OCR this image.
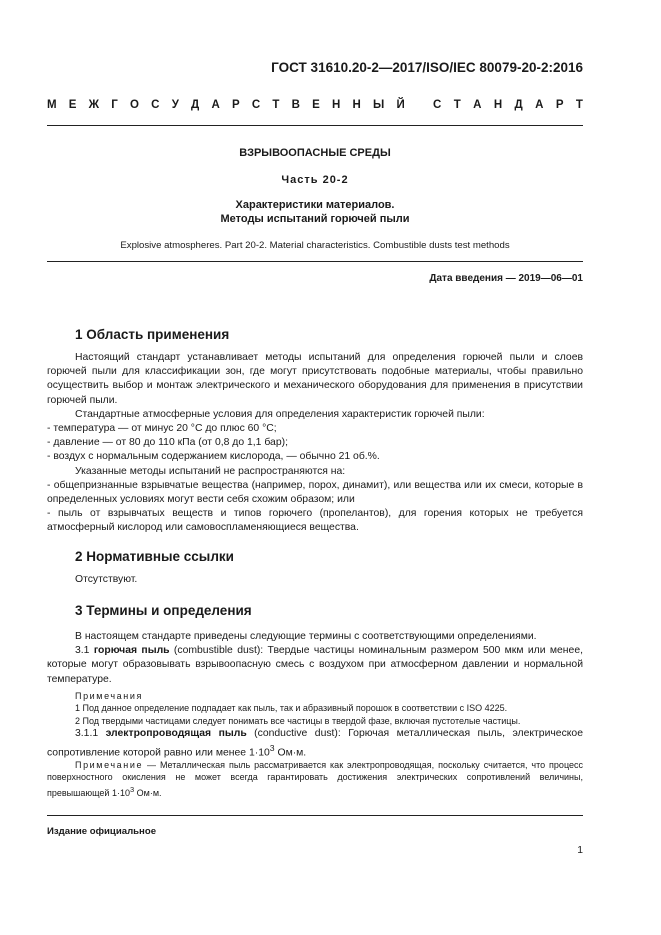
ГОСТ 31610.20-2—2017/ISO/IEC 80079-20-2:2016
М Е Ж Г О С У Д А Р С Т В Е Н Н Ы Й С Т А Н Д А Р Т
ВЗРЫВООПАСНЫЕ СРЕДЫ
Часть 20-2
Характеристики материалов.
Методы испытаний горючей пыли
Explosive atmospheres. Part 20-2. Material characteristics. Combustible dusts test methods
Дата введения — 2019—06—01
1 Область применения

Настоящий стандарт устанавливает методы испытаний для определения горючей пыли и слоев горючей пыли для классификации зон, где могут присутствовать подобные материалы, чтобы правильно осуществить выбор и монтаж электрического и механического оборудования для применения в присутствии горючей пыли.

Стандартные атмосферные условия для определения характеристик горючей пыли:

- температура — от минус 20 °С до плюс 60 °С;

- давление — от 80 до 110 кПа (от 0,8 до 1,1 бар);

- воздух с нормальным содержанием кислорода, — обычно 21 об.%.

Указанные методы испытаний не распространяются на:

- общепризнанные взрывчатые вещества (например, порох, динамит), или вещества или их смеси, которые в определенных условиях могут вести себя схожим образом; или

- пыль от взрывчатых веществ и типов горючего (пропелантов), для горения которых не требуется атмосферный кислород или самовоспламеняющиеся вещества.

2 Нормативные ссылки

Отсутствуют.

3 Термины и определения

В настоящем стандарте приведены следующие термины с соответствующими определениями.

3.1 горючая пыль (combustible dust): Твердые частицы номинальным размером 500 мкм или менее, которые могут образовывать взрывоопасную смесь с воздухом при атмосферном давлении и нормальной температуре.

Примечания

1 Под данное определение подпадает как пыль, так и абразивный порошок в соответствии с ISO 4225.

2 Под твердыми частицами следует понимать все частицы в твердой фазе, включая пустотелые частицы.

3.1.1 электропроводящая пыль (conductive dust): Горючая металлическая пыль, электрическое сопротивление которой равно или менее $1\cdot 10^3$ Ом·м.

Примечание — Металлическая пыль рассматривается как электропроводящая, поскольку считается, что процесс поверхностного окисления не может всегда гарантировать достижения электрических сопротивлений величины, превышающей $1\cdot 10^3$ Ом·м.

Издание официальное
1
